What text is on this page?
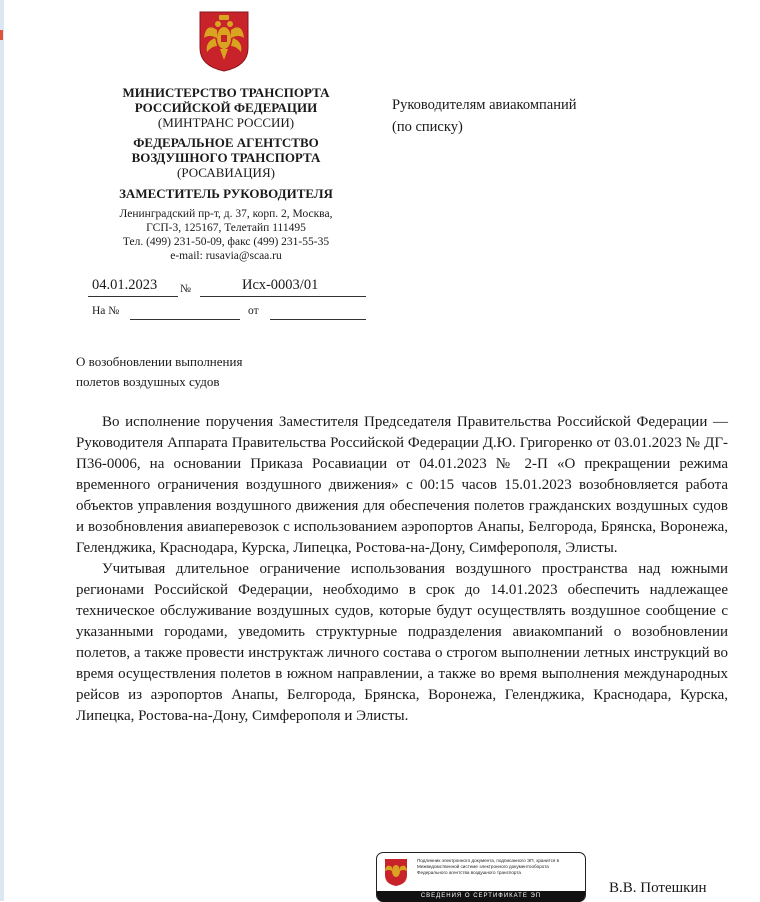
МИНИСТЕРСТВО ТРАНСПОРТА
РОССИЙСКОЙ ФЕДЕРАЦИИ
(МИНТРАНС РОССИИ)
ФЕДЕРАЛЬНОЕ АГЕНТСТВО
ВОЗДУШНОГО ТРАНСПОРТА
(РОСАВИАЦИЯ)
ЗАМЕСТИТЕЛЬ РУКОВОДИТЕЛЯ
Ленинградский пр-т, д. 37, корп. 2, Москва,
ГСП-3, 125167, Телетайп 111495
Тел. (499) 231-50-09, факс (499) 231-55-35
e-mail: rusavia@scaa.ru
Руководителям авиакомпаний
(по списку)
04.01.2023 №	Исх-0003/01
На №	от
О возобновлении выполнения
полетов воздушных судов

Во исполнение поручения Заместителя Председателя Правительства Российской Федерации — Руководителя Аппарата Правительства Российской Федерации Д.Ю. Григоренко от 03.01.2023 № ДГ-П36-0006, на основании Приказа Росавиации от 04.01.2023 № 2-П «О прекращении режима временного ограничения воздушного движения» с 00:15 часов 15.01.2023 возобновляется работа объектов управления воздушного движения для обеспечения полетов гражданских воздушных судов и возобновления авиаперевозок с использованием аэропортов Анапы, Белгорода, Брянска, Воронежа, Геленджика, Краснодара, Курска, Липецка, Ростова-на-Дону, Симферополя, Элисты.

Учитывая длительное ограничение использования воздушного пространства над южными регионами Российской Федерации, необходимо в срок до 14.01.2023 обеспечить надлежащее техническое обслуживание воздушных судов, которые будут осуществлять воздушное сообщение с указанными городами, уведомить структурные подразделения авиакомпаний о возобновлении полетов, а также провести инструктаж личного состава о строгом выполнении летных инструкций во время осуществления полетов в южном направлении, а также во время выполнения международных рейсов из аэропортов Анапы, Белгорода, Брянска, Воронежа, Геленджика, Краснодара, Курска, Липецка, Ростова-на-Дону, Симферополя и Элисты.

Подлинник электронного документа, подписанного ЭП, хранится в Межведомственной системе электронного документооборота Федерального агентства воздушного транспорта
СВЕДЕНИЯ О СЕРТИФИКАТЕ ЭП	В.В. Потешкин
